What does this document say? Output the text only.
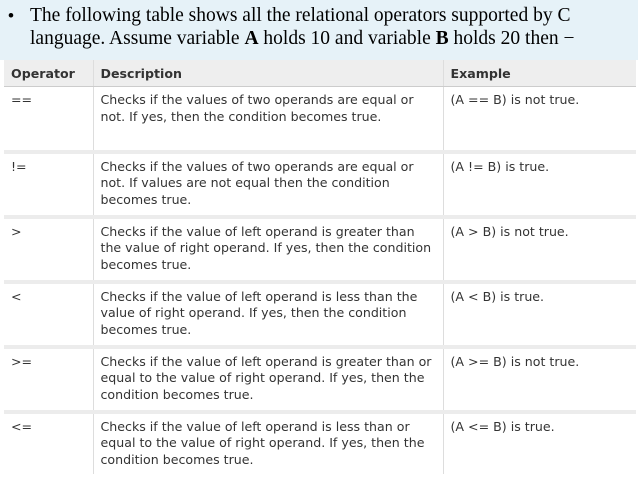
• The following table shows all the relational operators supported by C
language. Assume variable A holds 10 and variable B holds 20 then −
Operator	Description	Example
==	Checks if the values of two operands are equal or not. If yes, then the condition becomes true.	(A == B) is not true.
!=	Checks if the values of two operands are equal or not. If values are not equal then the condition becomes true.	(A != B) is true.
>	Checks if the value of left operand is greater than the value of right operand. If yes, then the condition becomes true.	(A > B) is not true.
<	Checks if the value of left operand is less than the value of right operand. If yes, then the condition becomes true.	(A < B) is true.
>=	Checks if the value of left operand is greater than or equal to the value of right operand. If yes, then the condition becomes true.	(A >= B) is not true.
<=	Checks if the value of left operand is less than or equal to the value of right operand. If yes, then the condition becomes true.	(A <= B) is true.
